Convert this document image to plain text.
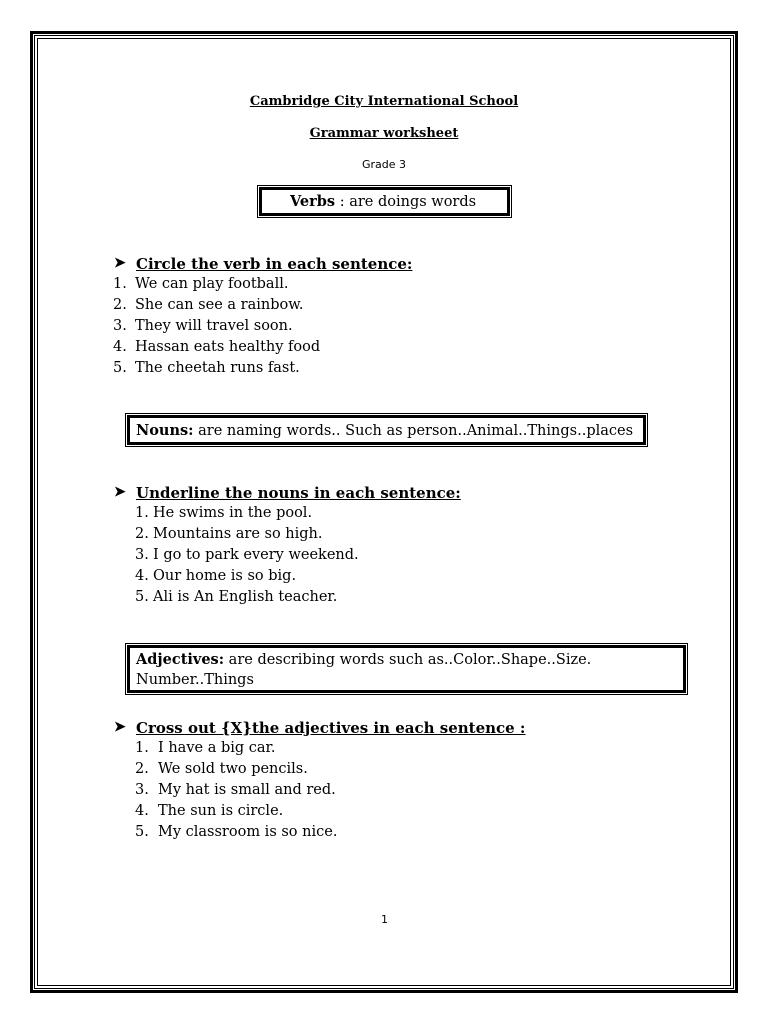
Cambridge City International School
Grammar worksheet
Grade 3
Verbs : are doings words
➤ Circle the verb in each sentence:
1. We can play football.
2. She can see a rainbow.
3. They will travel soon.
4. Hassan eats healthy food
5. The cheetah runs fast.
Nouns: are naming words.. Such as person..Animal..Things..places
➤ Underline the nouns in each sentence:
1. He swims in the pool.
2. Mountains are so high.
3. I go to park every weekend.
4. Our home is so big.
5. Ali is An English teacher.
Adjectives: are describing words such as..Color..Shape..Size.
Number..Things
➤ Cross out {X}the adjectives in each sentence :
1. I have a big car.
2. We sold two pencils.
3. My hat is small and red.
4. The sun is circle.
5. My classroom is so nice.
1
